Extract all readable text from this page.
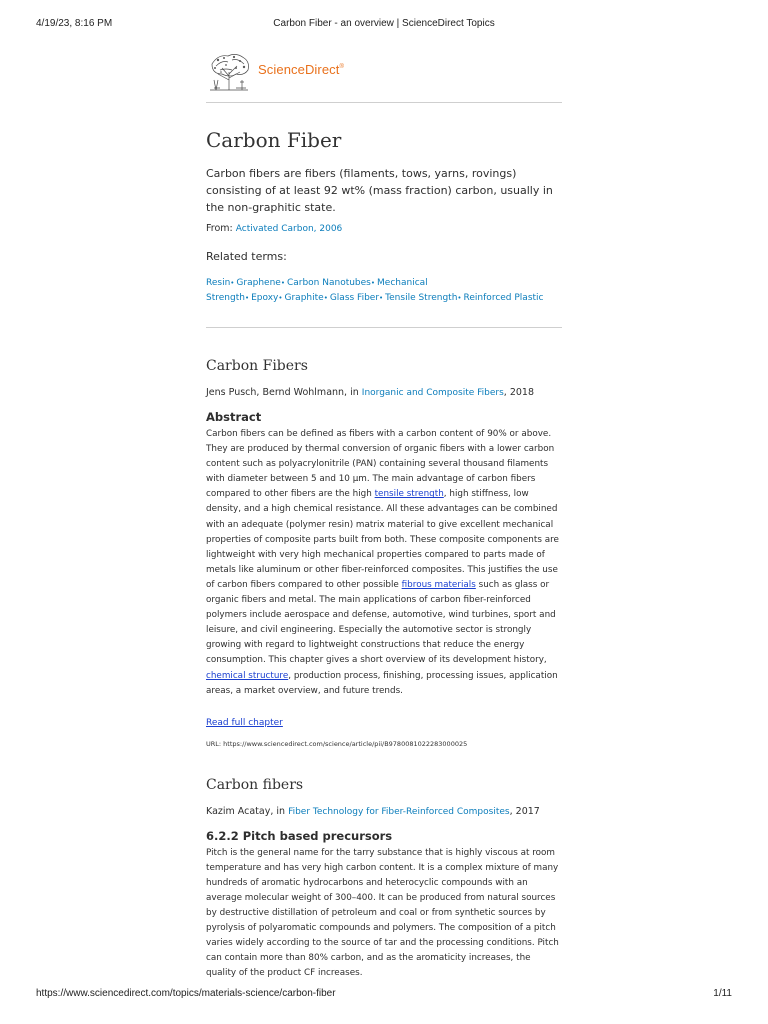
4/19/23, 8:16 PM	Carbon Fiber - an overview | ScienceDirect Topics
ScienceDirect®
Carbon Fiber

Carbon fibers are fibers (filaments, tows, yarns, rovings) consisting of at least 92 wt% (mass fraction) carbon, usually in the non-graphitic state.

From: Activated Carbon, 2006

Related terms:

Resin• Graphene• Carbon Nanotubes• Mechanical Strength• Epoxy• Graphite• Glass Fiber• Tensile Strength• Reinforced Plastic
Carbon Fibers

Jens Pusch, Bernd Wohlmann, in Inorganic and Composite Fibers, 2018

Abstract

Carbon fibers can be defined as fibers with a carbon content of 90% or above. They are produced by thermal conversion of organic fibers with a lower carbon content such as polyacrylonitrile (PAN) containing several thousand filaments with diameter between 5 and 10 μm. The main advantage of carbon fibers compared to other fibers are the high tensile strength, high stiffness, low density, and a high chemical resistance. All these advantages can be combined with an adequate (polymer resin) matrix material to give excellent mechanical properties of composite parts built from both. These composite components are lightweight with very high mechanical properties compared to parts made of metals like aluminum or other fiber-reinforced composites. This justifies the use of carbon fibers compared to other possible fibrous materials such as glass or organic fibers and metal. The main applications of carbon fiber-reinforced polymers include aerospace and defense, automotive, wind turbines, sport and leisure, and civil engineering. Especially the automotive sector is strongly growing with regard to lightweight constructions that reduce the energy consumption. This chapter gives a short overview of its development history, chemical structure, production process, finishing, processing issues, application areas, a market overview, and future trends.

Read full chapter

URL: https://www.sciencedirect.com/science/article/pii/B9780081022283000025

Carbon fibers

Kazim Acatay, in Fiber Technology for Fiber-Reinforced Composites, 2017

6.2.2 Pitch based precursors

Pitch is the general name for the tarry substance that is highly viscous at room temperature and has very high carbon content. It is a complex mixture of many hundreds of aromatic hydrocarbons and heterocyclic compounds with an average molecular weight of 300–400. It can be produced from natural sources by destructive distillation of petroleum and coal or from synthetic sources by pyrolysis of polyaromatic compounds and polymers. The composition of a pitch varies widely according to the source of tar and the processing conditions. Pitch can contain more than 80% carbon, and as the aromaticity increases, the quality of the product CF increases.

https://www.sciencedirect.com/topics/materials-science/carbon-fiber	1/11
